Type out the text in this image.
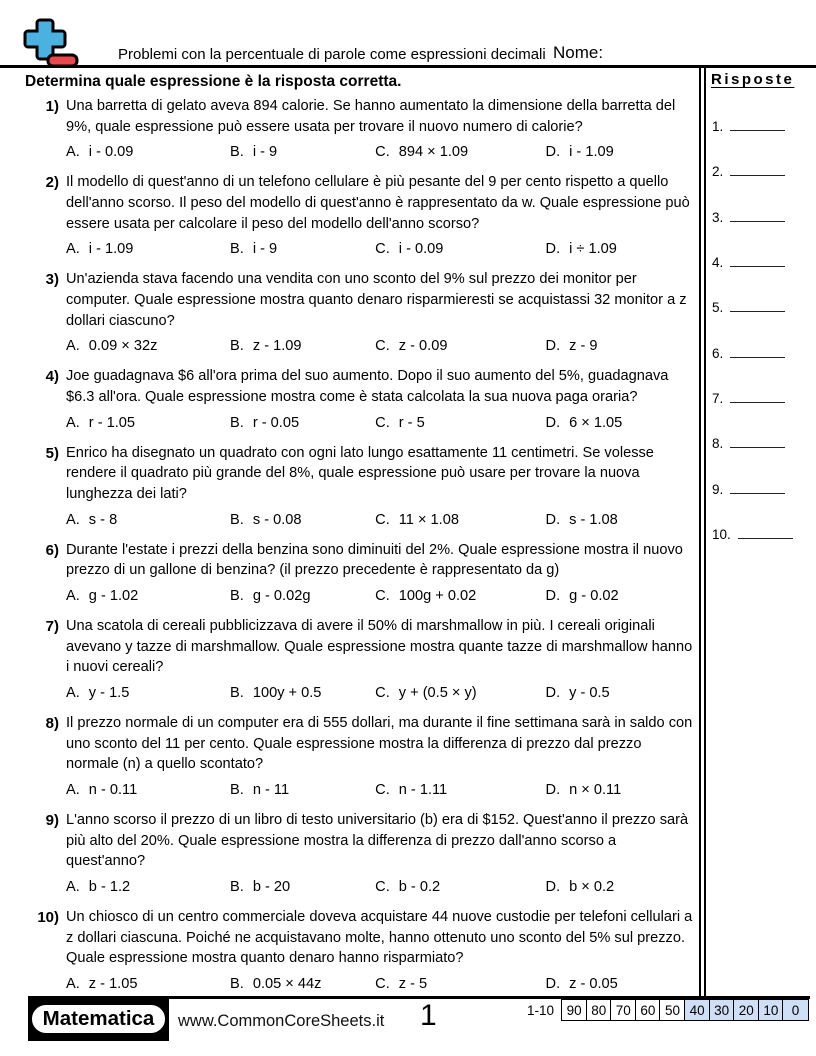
Problemi con la percentuale di parole come espressioni decimali Nome:
Determina quale espressione è la risposta corretta.
1) Una barretta di gelato aveva 894 calorie. Se hanno aumentato la dimensione della barretta del 9%, quale espressione può essere usata per trovare il nuovo numero di calorie?
A. i - 0.09	B. i - 9	C. 894 × 1.09	D. i - 1.09
2) Il modello di quest'anno di un telefono cellulare è più pesante del 9 per cento rispetto a quello dell'anno scorso. Il peso del modello di quest'anno è rappresentato da w. Quale espressione può essere usata per calcolare il peso del modello dell'anno scorso?
A. i - 1.09	B. i - 9	C. i - 0.09	D. i ÷ 1.09
3) Un'azienda stava facendo una vendita con uno sconto del 9% sul prezzo dei monitor per computer. Quale espressione mostra quanto denaro risparmieresti se acquistassi 32 monitor a z dollari ciascuno?
A. 0.09 × 32z	B. z - 1.09	C. z - 0.09	D. z - 9
4) Joe guadagnava $6 all'ora prima del suo aumento. Dopo il suo aumento del 5%, guadagnava $6.3 all'ora. Quale espressione mostra come è stata calcolata la sua nuova paga oraria?
A. r - 1.05	B. r - 0.05	C. r - 5	D. 6 × 1.05
5) Enrico ha disegnato un quadrato con ogni lato lungo esattamente 11 centimetri. Se volesse rendere il quadrato più grande del 8%, quale espressione può usare per trovare la nuova lunghezza dei lati?
A. s - 8	B. s - 0.08	C. 11 × 1.08	D. s - 1.08
6) Durante l'estate i prezzi della benzina sono diminuiti del 2%. Quale espressione mostra il nuovo prezzo di un gallone di benzina? (il prezzo precedente è rappresentato da g)
A. g - 1.02	B. g - 0.02g	C. 100g + 0.02	D. g - 0.02
7) Una scatola di cereali pubblicizzava di avere il 50% di marshmallow in più. I cereali originali avevano y tazze di marshmallow. Quale espressione mostra quante tazze di marshmallow hanno i nuovi cereali?
A. y - 1.5	B. 100y + 0.5	C. y + (0.5 × y)	D. y - 0.5
8) Il prezzo normale di un computer era di 555 dollari, ma durante il fine settimana sarà in saldo con uno sconto del 11 per cento. Quale espressione mostra la differenza di prezzo dal prezzo normale (n) a quello scontato?
A. n - 0.11	B. n - 11	C. n - 1.11	D. n × 0.11
9) L'anno scorso il prezzo di un libro di testo universitario (b) era di $152. Quest'anno il prezzo sarà più alto del 20%. Quale espressione mostra la differenza di prezzo dall'anno scorso a quest'anno?
A. b - 1.2	B. b - 20	C. b - 0.2	D. b × 0.2
10) Un chiosco di un centro commerciale doveva acquistare 44 nuove custodie per telefoni cellulari a z dollari ciascuna. Poiché ne acquistavano molte, hanno ottenuto uno sconto del 5% sul prezzo. Quale espressione mostra quanto denaro hanno risparmiato?
A. z - 1.05	B. 0.05 × 44z	C. z - 5	D. z - 0.05
Risposte
1.
2.
3.
4.
5.
6.
7.
8.
9.
10.
Matematica	www.CommonCoreSheets.it 1	1-10 90 80 70 60 50 40 30 20 10 0
